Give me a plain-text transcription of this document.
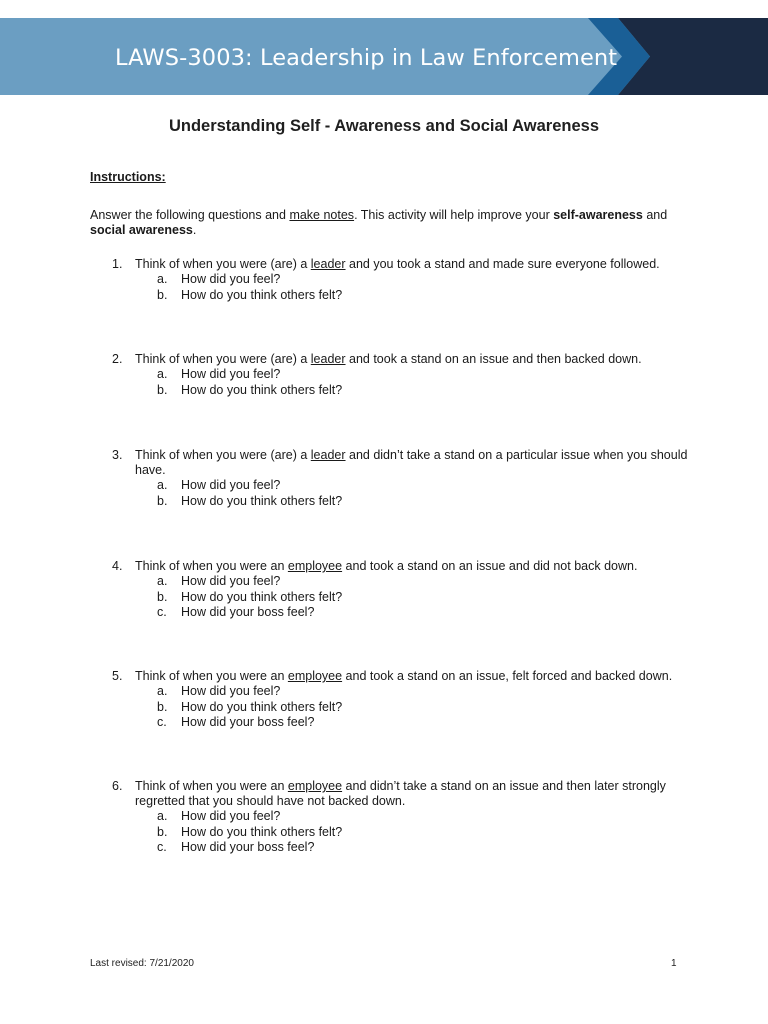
LAWS-3003: Leadership in Law Enforcement
Understanding Self - Awareness and Social Awareness
Instructions:
Answer the following questions and make notes. This activity will help improve your self-awareness and social awareness.
1. Think of when you were (are) a leader and you took a stand and made sure everyone followed.
a. How did you feel?
b. How do you think others felt?
2. Think of when you were (are) a leader and took a stand on an issue and then backed down.
a. How did you feel?
b. How do you think others felt?
3. Think of when you were (are) a leader and didn’t take a stand on a particular issue when you should have.
a. How did you feel?
b. How do you think others felt?
4. Think of when you were an employee and took a stand on an issue and did not back down.
a. How did you feel?
b. How do you think others felt?
c. How did your boss feel?
5. Think of when you were an employee and took a stand on an issue, felt forced and backed down.
a. How did you feel?
b. How do you think others felt?
c. How did your boss feel?
6. Think of when you were an employee and didn’t take a stand on an issue and then later strongly regretted that you should have not backed down.
a. How did you feel?
b. How do you think others felt?
c. How did your boss feel?
Last revised: 7/21/2020	1
